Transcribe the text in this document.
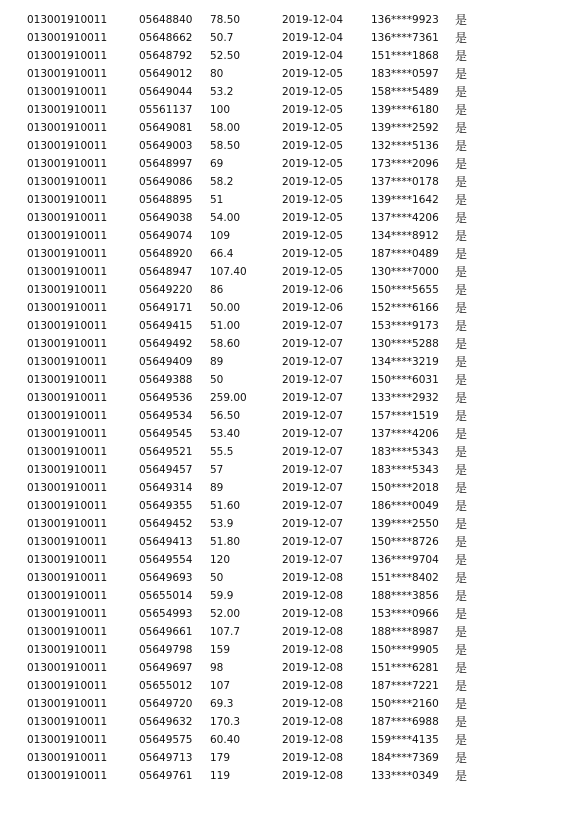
013001910011	05648840 78.50	2019-12-04	136****9923 是
013001910011	05648662 50.7	2019-12-04	136****7361 是
013001910011	05648792 52.50	2019-12-04	151****1868 是
013001910011	05649012 80	2019-12-05	183****0597 是
013001910011	05649044 53.2	2019-12-05	158****5489 是
013001910011	05561137 100	2019-12-05	139****6180 是
013001910011	05649081 58.00	2019-12-05	139****2592 是
013001910011	05649003 58.50	2019-12-05	132****5136 是
013001910011	05648997 69	2019-12-05	173****2096 是
013001910011	05649086 58.2	2019-12-05	137****0178 是
013001910011	05648895 51	2019-12-05	139****1642 是
013001910011	05649038 54.00	2019-12-05	137****4206 是
013001910011	05649074 109	2019-12-05	134****8912 是
013001910011	05648920 66.4	2019-12-05	187****0489 是
013001910011	05648947 107.40	2019-12-05	130****7000 是
013001910011	05649220 86	2019-12-06	150****5655 是
013001910011	05649171 50.00	2019-12-06	152****6166 是
013001910011	05649415 51.00	2019-12-07	153****9173 是
013001910011	05649492 58.60	2019-12-07	130****5288 是
013001910011	05649409 89	2019-12-07	134****3219 是
013001910011	05649388 50	2019-12-07	150****6031 是
013001910011	05649536 259.00	2019-12-07	133****2932 是
013001910011	05649534 56.50	2019-12-07	157****1519 是
013001910011	05649545 53.40	2019-12-07	137****4206 是
013001910011	05649521 55.5	2019-12-07	183****5343 是
013001910011	05649457 57	2019-12-07	183****5343 是
013001910011	05649314 89	2019-12-07	150****2018 是
013001910011	05649355 51.60	2019-12-07	186****0049 是
013001910011	05649452 53.9	2019-12-07	139****2550 是
013001910011	05649413 51.80	2019-12-07	150****8726 是
013001910011	05649554 120	2019-12-07	136****9704 是
013001910011	05649693 50	2019-12-08	151****8402 是
013001910011	05655014 59.9	2019-12-08	188****3856 是
013001910011	05654993 52.00	2019-12-08	153****0966 是
013001910011	05649661 107.7	2019-12-08	188****8987 是
013001910011	05649798 159	2019-12-08	150****9905 是
013001910011	05649697 98	2019-12-08	151****6281 是
013001910011	05655012 107	2019-12-08	187****7221 是
013001910011	05649720 69.3	2019-12-08	150****2160 是
013001910011	05649632 170.3	2019-12-08	187****6988 是
013001910011	05649575 60.40	2019-12-08	159****4135 是
013001910011	05649713 179	2019-12-08	184****7369 是
013001910011	05649761 119	2019-12-08	133****0349 是
